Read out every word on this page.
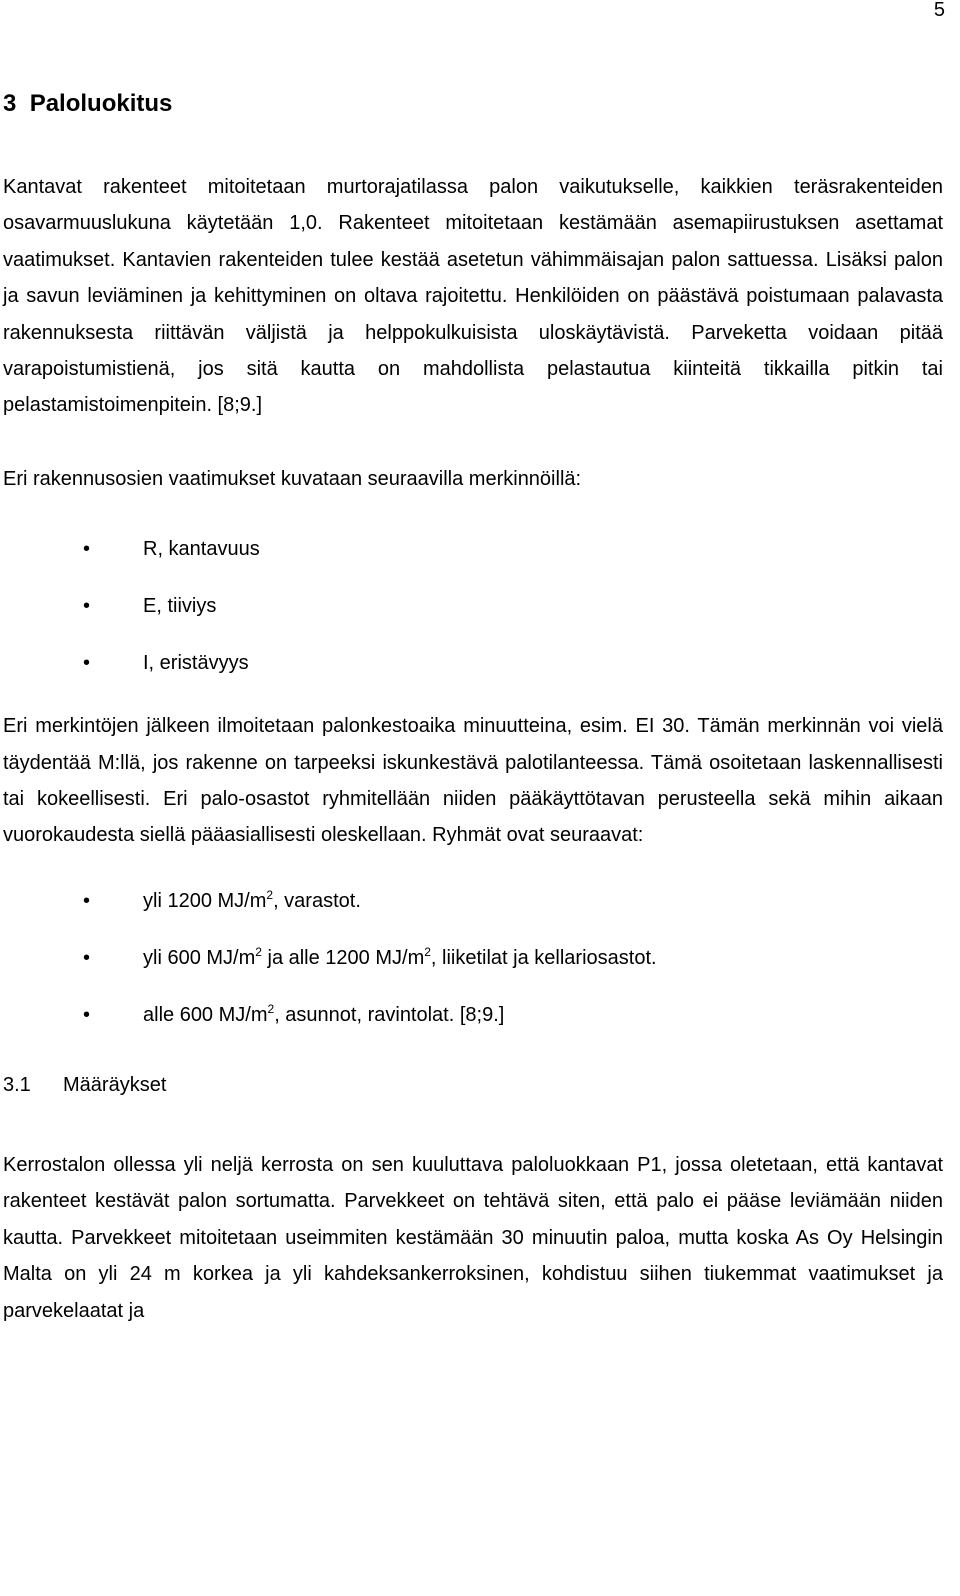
5
3 Paloluokitus

Kantavat rakenteet mitoitetaan murtorajatilassa palon vaikutukselle, kaikkien teräsrakenteiden osavarmuuslukuna käytetään 1,0. Rakenteet mitoitetaan kestämään asemapiirustuksen asettamat vaatimukset. Kantavien rakenteiden tulee kestää asetetun vähimmäisajan palon sattuessa. Lisäksi palon ja savun leviäminen ja kehittyminen on oltava rajoitettu. Henkilöiden on päästävä poistumaan palavasta rakennuksesta riittävän väljistä ja helppokulkuisista uloskäytävistä. Parveketta voidaan pitää varapoistumistienä, jos sitä kautta on mahdollista pelastautua kiinteitä tikkailla pitkin tai pelastamistoimenpitein. [8;9.]

Eri rakennusosien vaatimukset kuvataan seuraavilla merkinnöillä:

•	R, kantavuus
•	E, tiiviys
•	I, eristävyys

Eri merkintöjen jälkeen ilmoitetaan palonkestoaika minuutteina, esim. EI 30. Tämän merkinnän voi vielä täydentää M:llä, jos rakenne on tarpeeksi iskunkestävä palotilanteessa. Tämä osoitetaan laskennallisesti tai kokeellisesti. Eri palo-osastot ryhmitellään niiden pääkäyttötavan perusteella sekä mihin aikaan vuorokaudesta siellä pääasiallisesti oleskellaan. Ryhmät ovat seuraavat:

•	yli 1200 $MJ/m^2$, varastot.
•	yli 600 $MJ/m^2$ ja alle 1200 $MJ/m^2$, liiketilat ja kellariosastot.
•	alle 600 $MJ/m^2$, asunnot, ravintolat. [8;9.]
3.1 Määräykset

Kerrostalon ollessa yli neljä kerrosta on sen kuuluttava paloluokkaan P1, jossa oletetaan, että kantavat rakenteet kestävät palon sortumatta. Parvekkeet on tehtävä siten, että palo ei pääse leviämään niiden kautta. Parvekkeet mitoitetaan useimmiten kestämään 30 minuutin paloa, mutta koska As Oy Helsingin Malta on yli 24 m korkea ja yli kahdeksankerroksinen, kohdistuu siihen tiukemmat vaatimukset ja parvekelaatat ja
